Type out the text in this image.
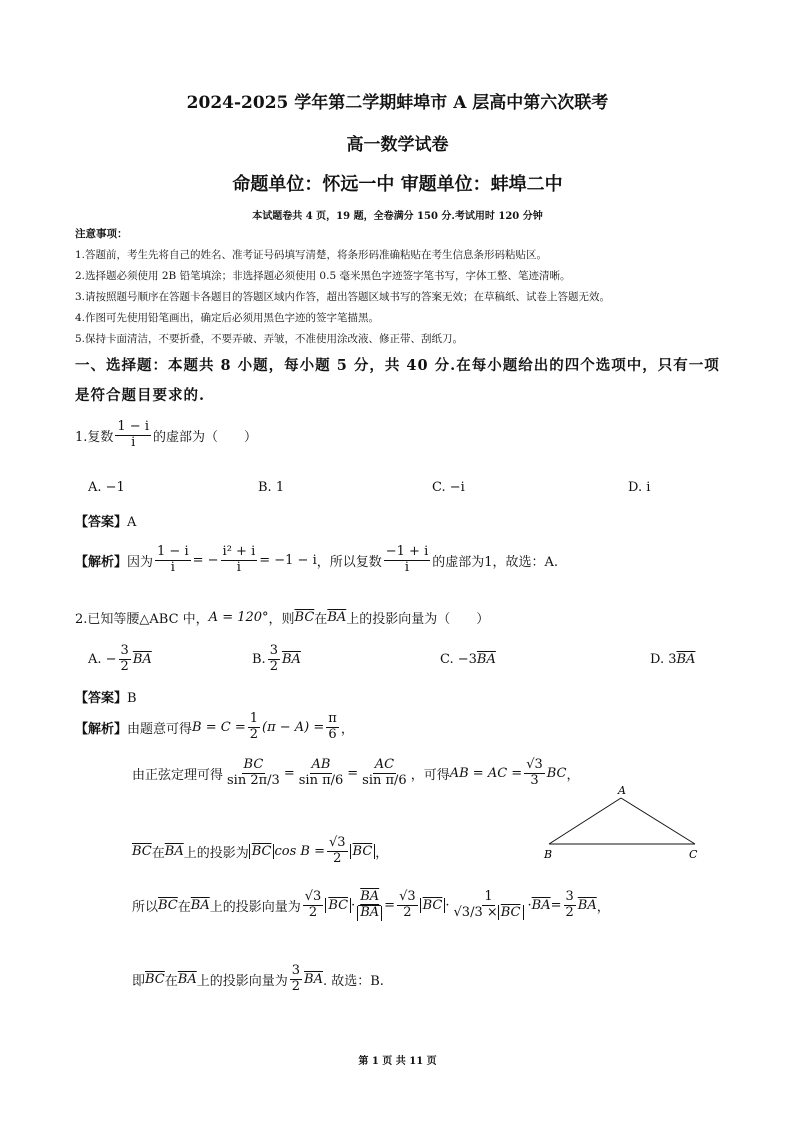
2024-2025 学年第二学期蚌埠市 A 层高中第六次联考
高一数学试卷
命题单位：怀远一中 审题单位：蚌埠二中
本试题卷共 4 页，19 题，全卷满分 150 分.考试用时 120 分钟
注意事项：
1.答题前，考生先将自己的姓名、准考证号码填写清楚，将条形码准确粘贴在考生信息条形码粘贴区。
2.选择题必须使用 2B 铅笔填涂；非选择题必须使用 0.5 毫米黑色字迹签字笔书写，字体工整、笔迹清晰。
3.请按照题号顺序在答题卡各题目的答题区域内作答，超出答题区域书写的答案无效；在草稿纸、试卷上答题无效。
4.作图可先使用铅笔画出，确定后必须用黑色字迹的签字笔描黑。
5.保持卡面清洁，不要折叠，不要弄破、弄皱，不准使用涂改液、修正带、刮纸刀。
一、选择题：本题共 8 小题，每小题 5 分，共 40 分.在每小题给出的四个选项中，只有一项
是符合题目要求的.
1.复数 $\frac{1 - i}{i}$ 的虚部为（　　）
A. −1	B. 1	C. −i	D. i
【答案】A
【解析】 因为 $\frac{1 - i}{i}$ = − $\frac{\text{i² + i}}{i} = -1 - i$ ，所以复数 $\frac{-1 + i}{i}$ 的虚部为1，故选：A.
2.已知等腰△ABC 中， A = 120° ，则 $\overline{BC}$ 在 $\overline{BA}$ 上的投影向量为（　　）
A. − $\frac{3}{2} \overline{BA}$	B. $\frac{3}{2} \overline{BA}$	C. −3 $\overline{BA}$	D. 3 $\overline{BA}$
【答案】B
【解析】 由题意可得 $B = C = \frac{1}{2} (\pi - A) = \frac{\pi}{6}$ ，
由正弦定理可得 $\frac{BC}{\sin 2\pi/3} = \frac{AB}{\text{sin π/6}} = \frac{AC}{\text{sin π/6}}$ ，可得 AB = AC = $\frac{√3}{3}$ BC ，
A
B	C
$\overline{BC}$ 在 $\overline{BA}$ 上的投影为 $\overline{BC}$ $\cos B = \frac{√3}{2} \overline{BC}$ ，
所以 $\overline{BC}$ 在 $\overline{BA}$ 上的投影向量为 $\frac{√3}{2} \overline{BC} \cdot \frac{\overline{BA}}{BA} = \frac{√3}{2} \overline{BC} \cdot \frac{1}{√3/3 \times \overline{BC}} \cdot \overline{BA} = \frac{3}{2} \overline{BA}$ ，
即 $\overline{BC}$ 在 $\overline{BA}$ 上的投影向量为 $\frac{3}{2} \overline{BA}$ . 故选：B.
第 1 页 共 11 页
